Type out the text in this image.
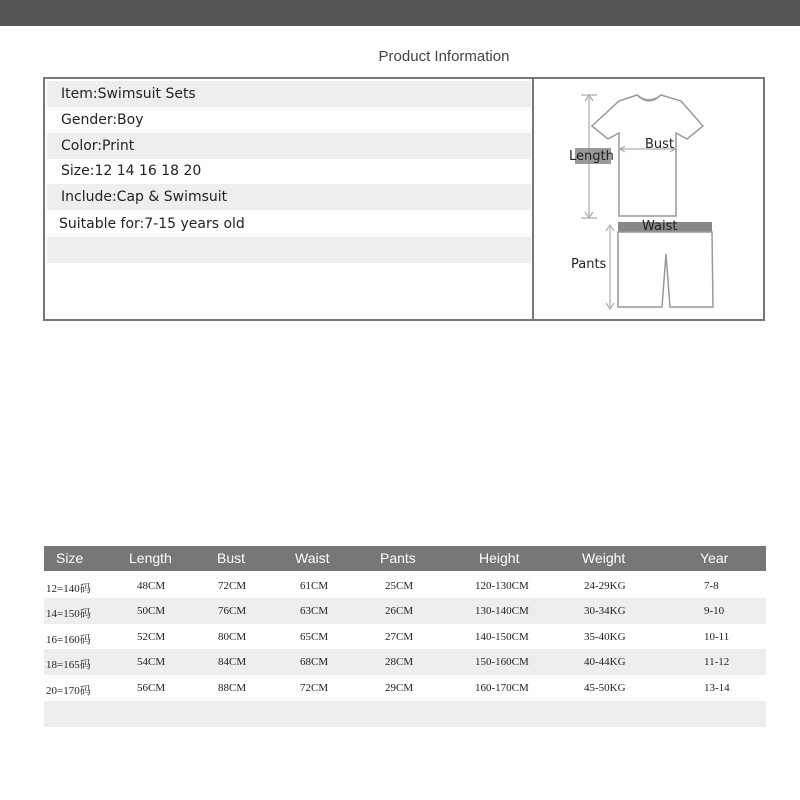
Product Information
Item:Swimsuit Sets
Gender:Boy
Color:Print
Size:12 14 16 18 20
Include:Cap & Swimsuit
Suitable for:7-15 years old
Length
Bust
Waist
Pants
Size	Length	Bust	Waist	Pants	Height	Weight	Year
12=140码	48CM	72CM	61CM	25CM	120-130CM	24-29KG	7-8
14=150码	50CM	76CM	63CM	26CM	130-140CM	30-34KG	9-10
16=160码	52CM	80CM	65CM	27CM	140-150CM	35-40KG	10-11
18=165码	54CM	84CM	68CM	28CM	150-160CM	40-44KG	11-12
20=170码	56CM	88CM	72CM	29CM	160-170CM	45-50KG	13-14
